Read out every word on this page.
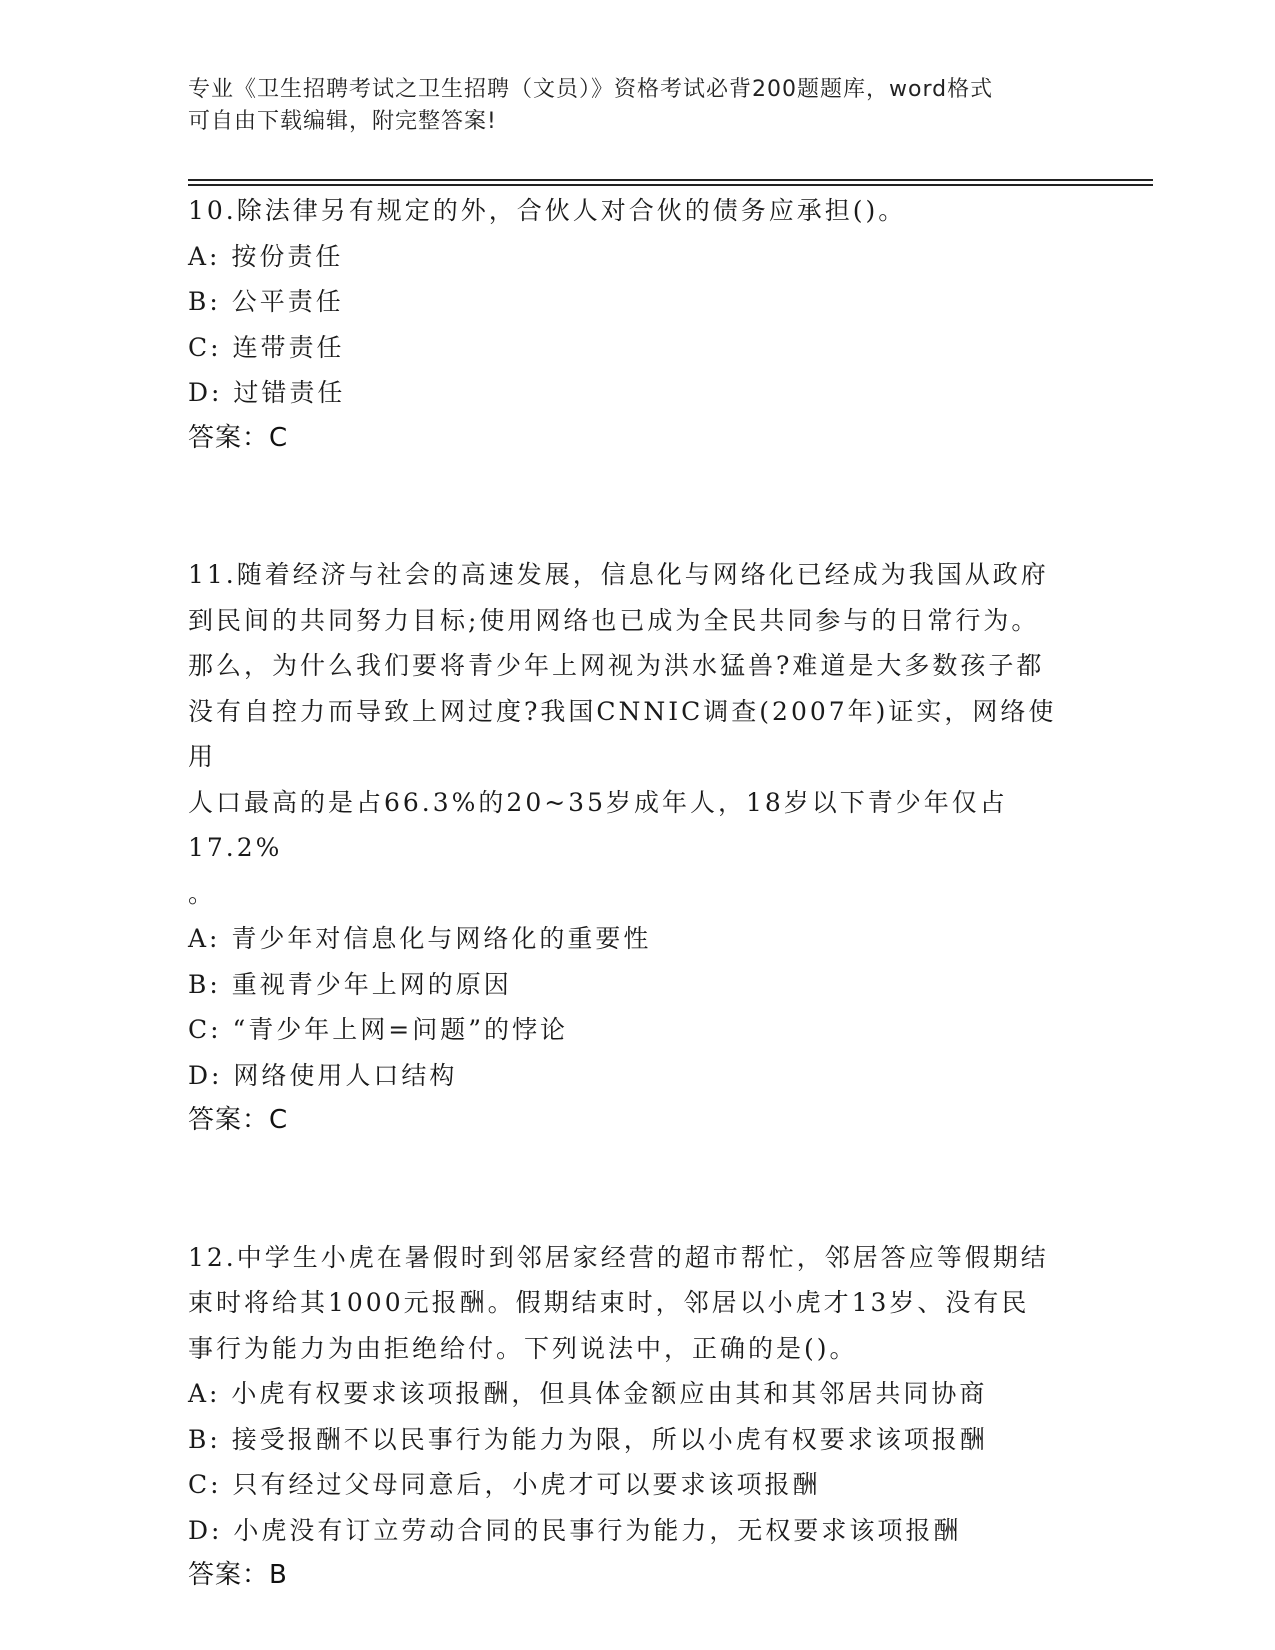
专业《卫生招聘考试之卫生招聘（文员）》资格考试必背200题题库，word格式
可自由下载编辑，附完整答案!
10.除法律另有规定的外，合伙人对合伙的债务应承担()。
A: 按份责任
B: 公平责任
C: 连带责任
D: 过错责任
答案：C
11.随着经济与社会的高速发展，信息化与网络化已经成为我国从政府
到民间的共同努力目标;使用网络也已成为全民共同参与的日常行为。
那么，为什么我们要将青少年上网视为洪水猛兽?难道是大多数孩子都
没有自控力而导致上网过度?我国CNNIC调查(2007年)证实，网络使用
人口最高的是占66.3%的20~35岁成年人，18岁以下青少年仅占17.2%
。
A: 青少年对信息化与网络化的重要性
B: 重视青少年上网的原因
C: “青少年上网=问题”的悖论
D: 网络使用人口结构
答案：C
12.中学生小虎在暑假时到邻居家经营的超市帮忙，邻居答应等假期结
束时将给其1000元报酬。假期结束时，邻居以小虎才13岁、没有民
事行为能力为由拒绝给付。下列说法中，正确的是()。
A: 小虎有权要求该项报酬，但具体金额应由其和其邻居共同协商
B: 接受报酬不以民事行为能力为限，所以小虎有权要求该项报酬
C: 只有经过父母同意后，小虎才可以要求该项报酬
D: 小虎没有订立劳动合同的民事行为能力，无权要求该项报酬
答案：B
